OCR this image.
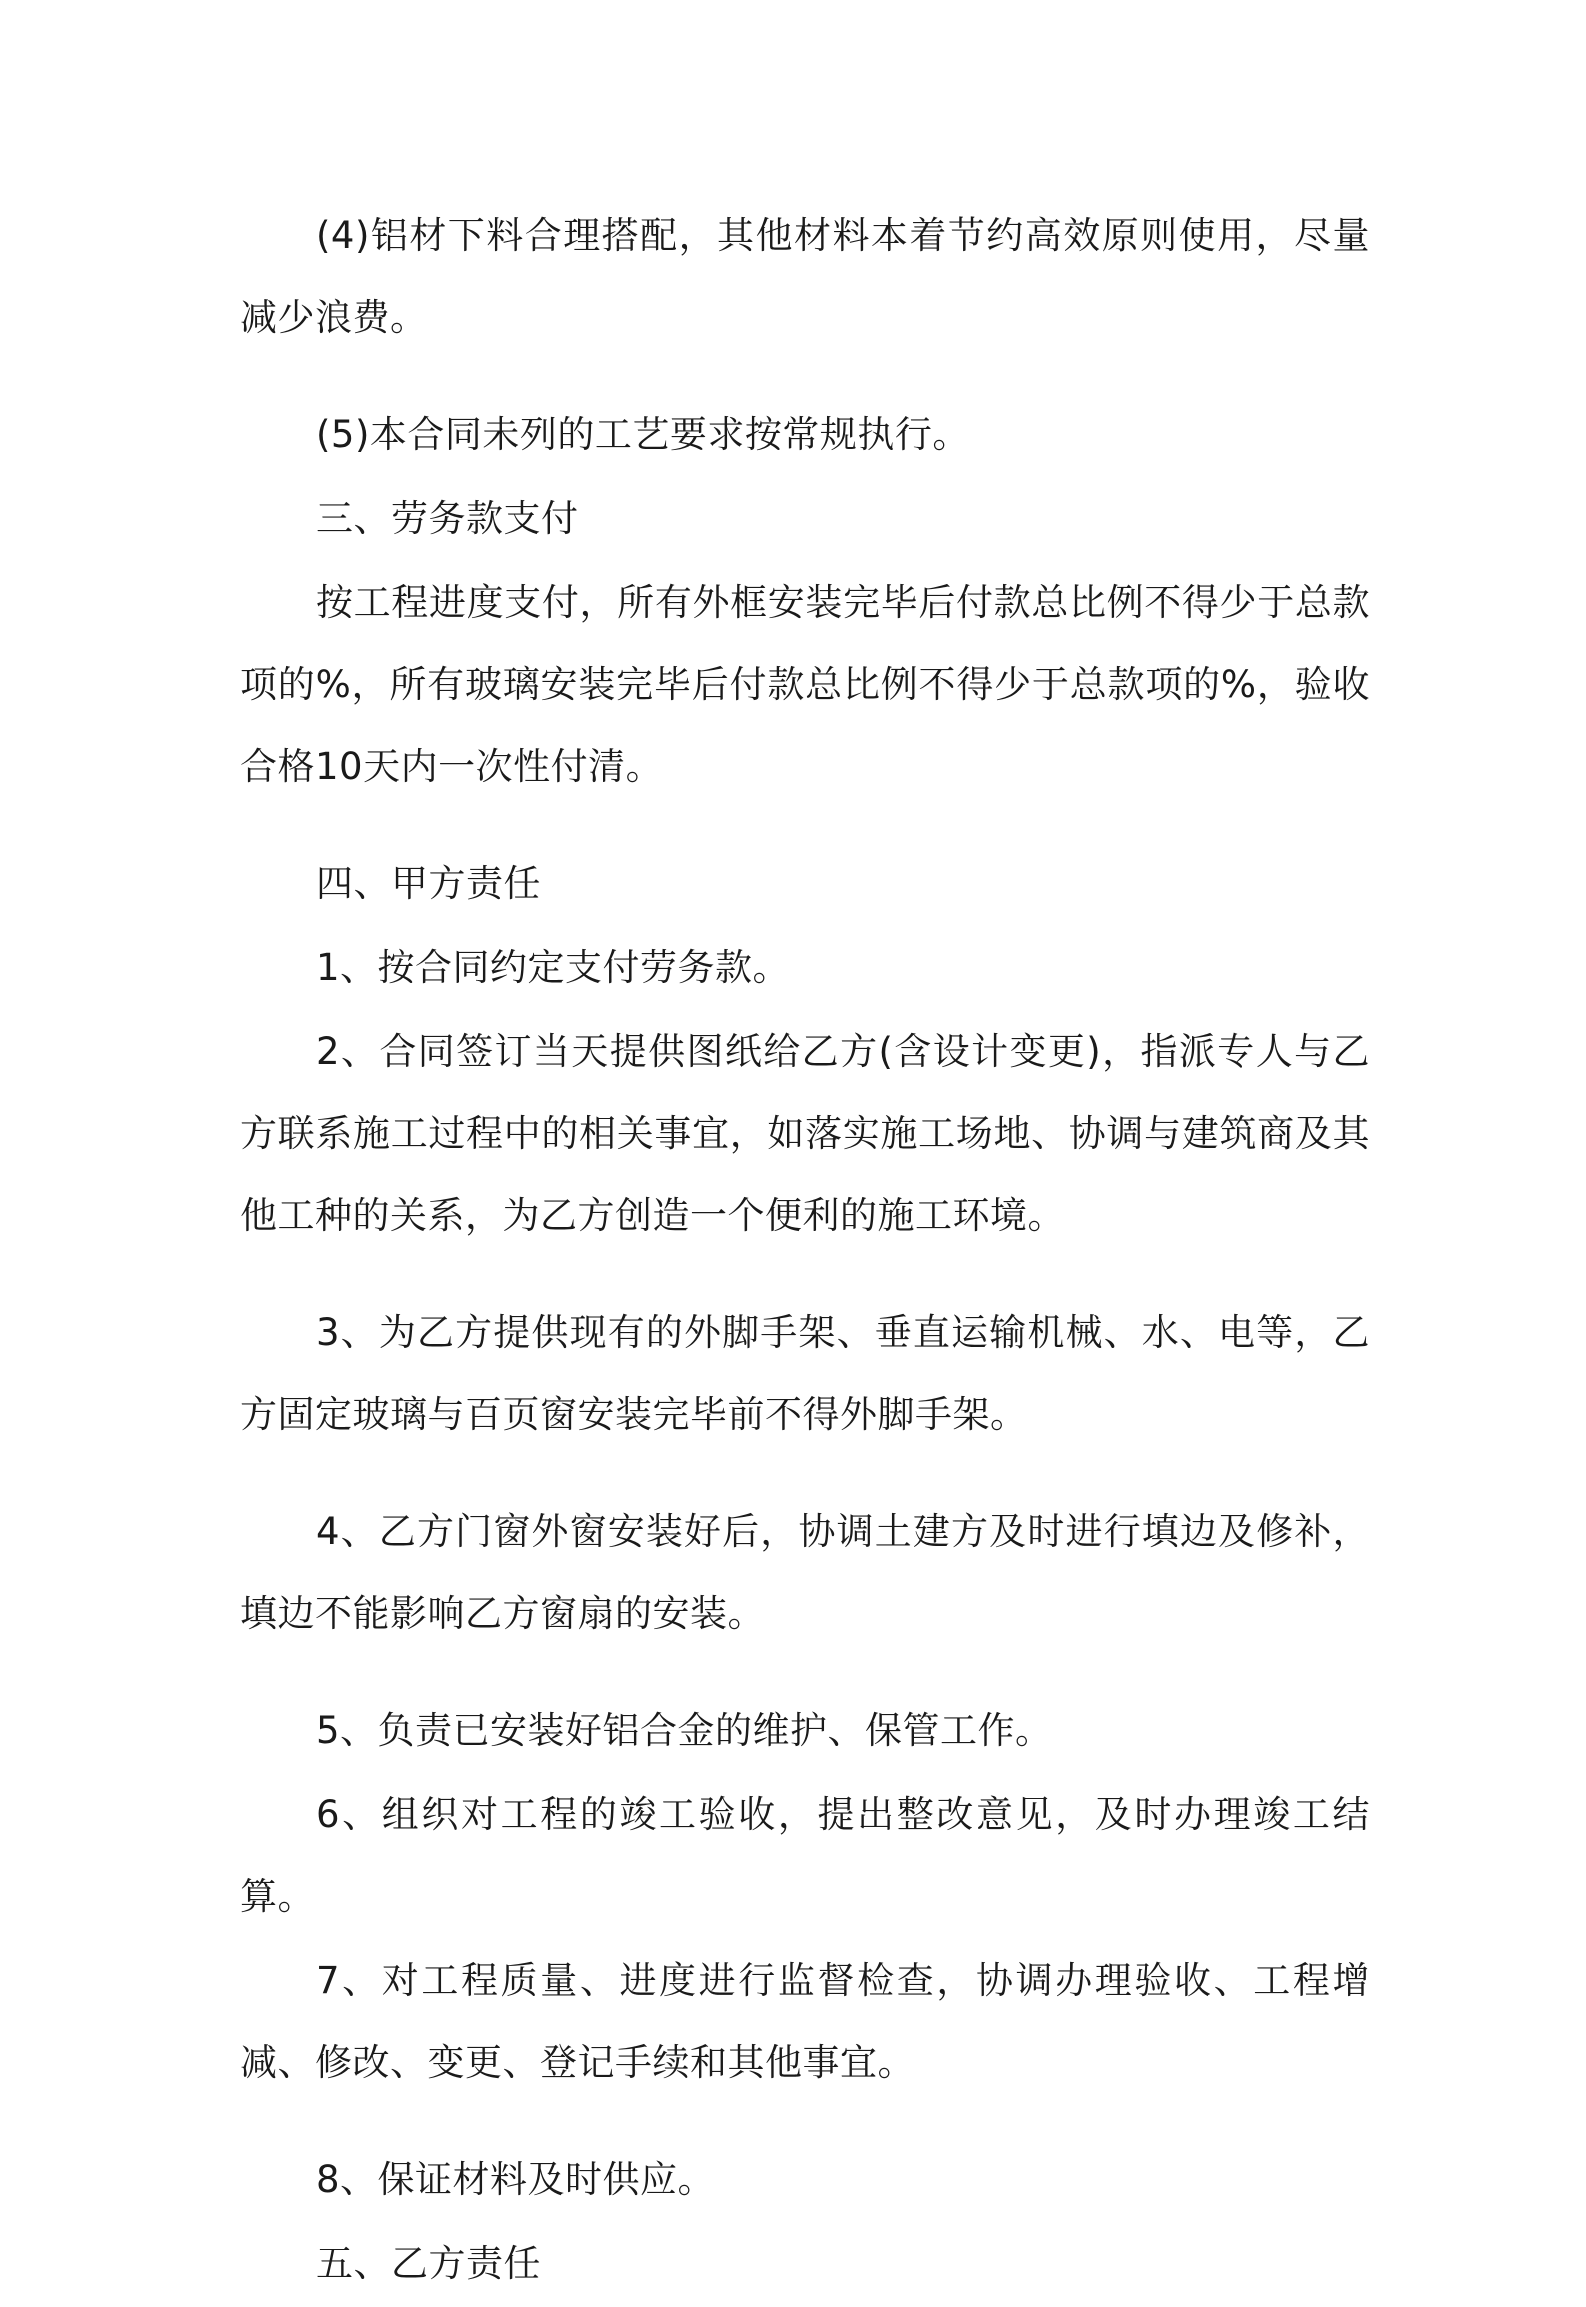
(4)铝材下料合理搭配，其他材料本着节约高效原则使用，尽量减少浪费。

(5)本合同未列的工艺要求按常规执行。

三、劳务款支付

按工程进度支付，所有外框安装完毕后付款总比例不得少于总款项的%，所有玻璃安装完毕后付款总比例不得少于总款项的%，验收合格10天内一次性付清。

四、甲方责任

1、按合同约定支付劳务款。

2、合同签订当天提供图纸给乙方(含设计变更)，指派专人与乙方联系施工过程中的相关事宜，如落实施工场地、协调与建筑商及其他工种的关系，为乙方创造一个便利的施工环境。

3、为乙方提供现有的外脚手架、垂直运输机械、水、电等，乙方固定玻璃与百页窗安装完毕前不得外脚手架。

4、乙方门窗外窗安装好后，协调土建方及时进行填边及修补，填边不能影响乙方窗扇的安装。

5、负责已安装好铝合金的维护、保管工作。

6、组织对工程的竣工验收，提出整改意见，及时办理竣工结算。

7、对工程质量、进度进行监督检查，协调办理验收、工程增减、修改、变更、登记手续和其他事宜。

8、保证材料及时供应。

五、乙方责任
